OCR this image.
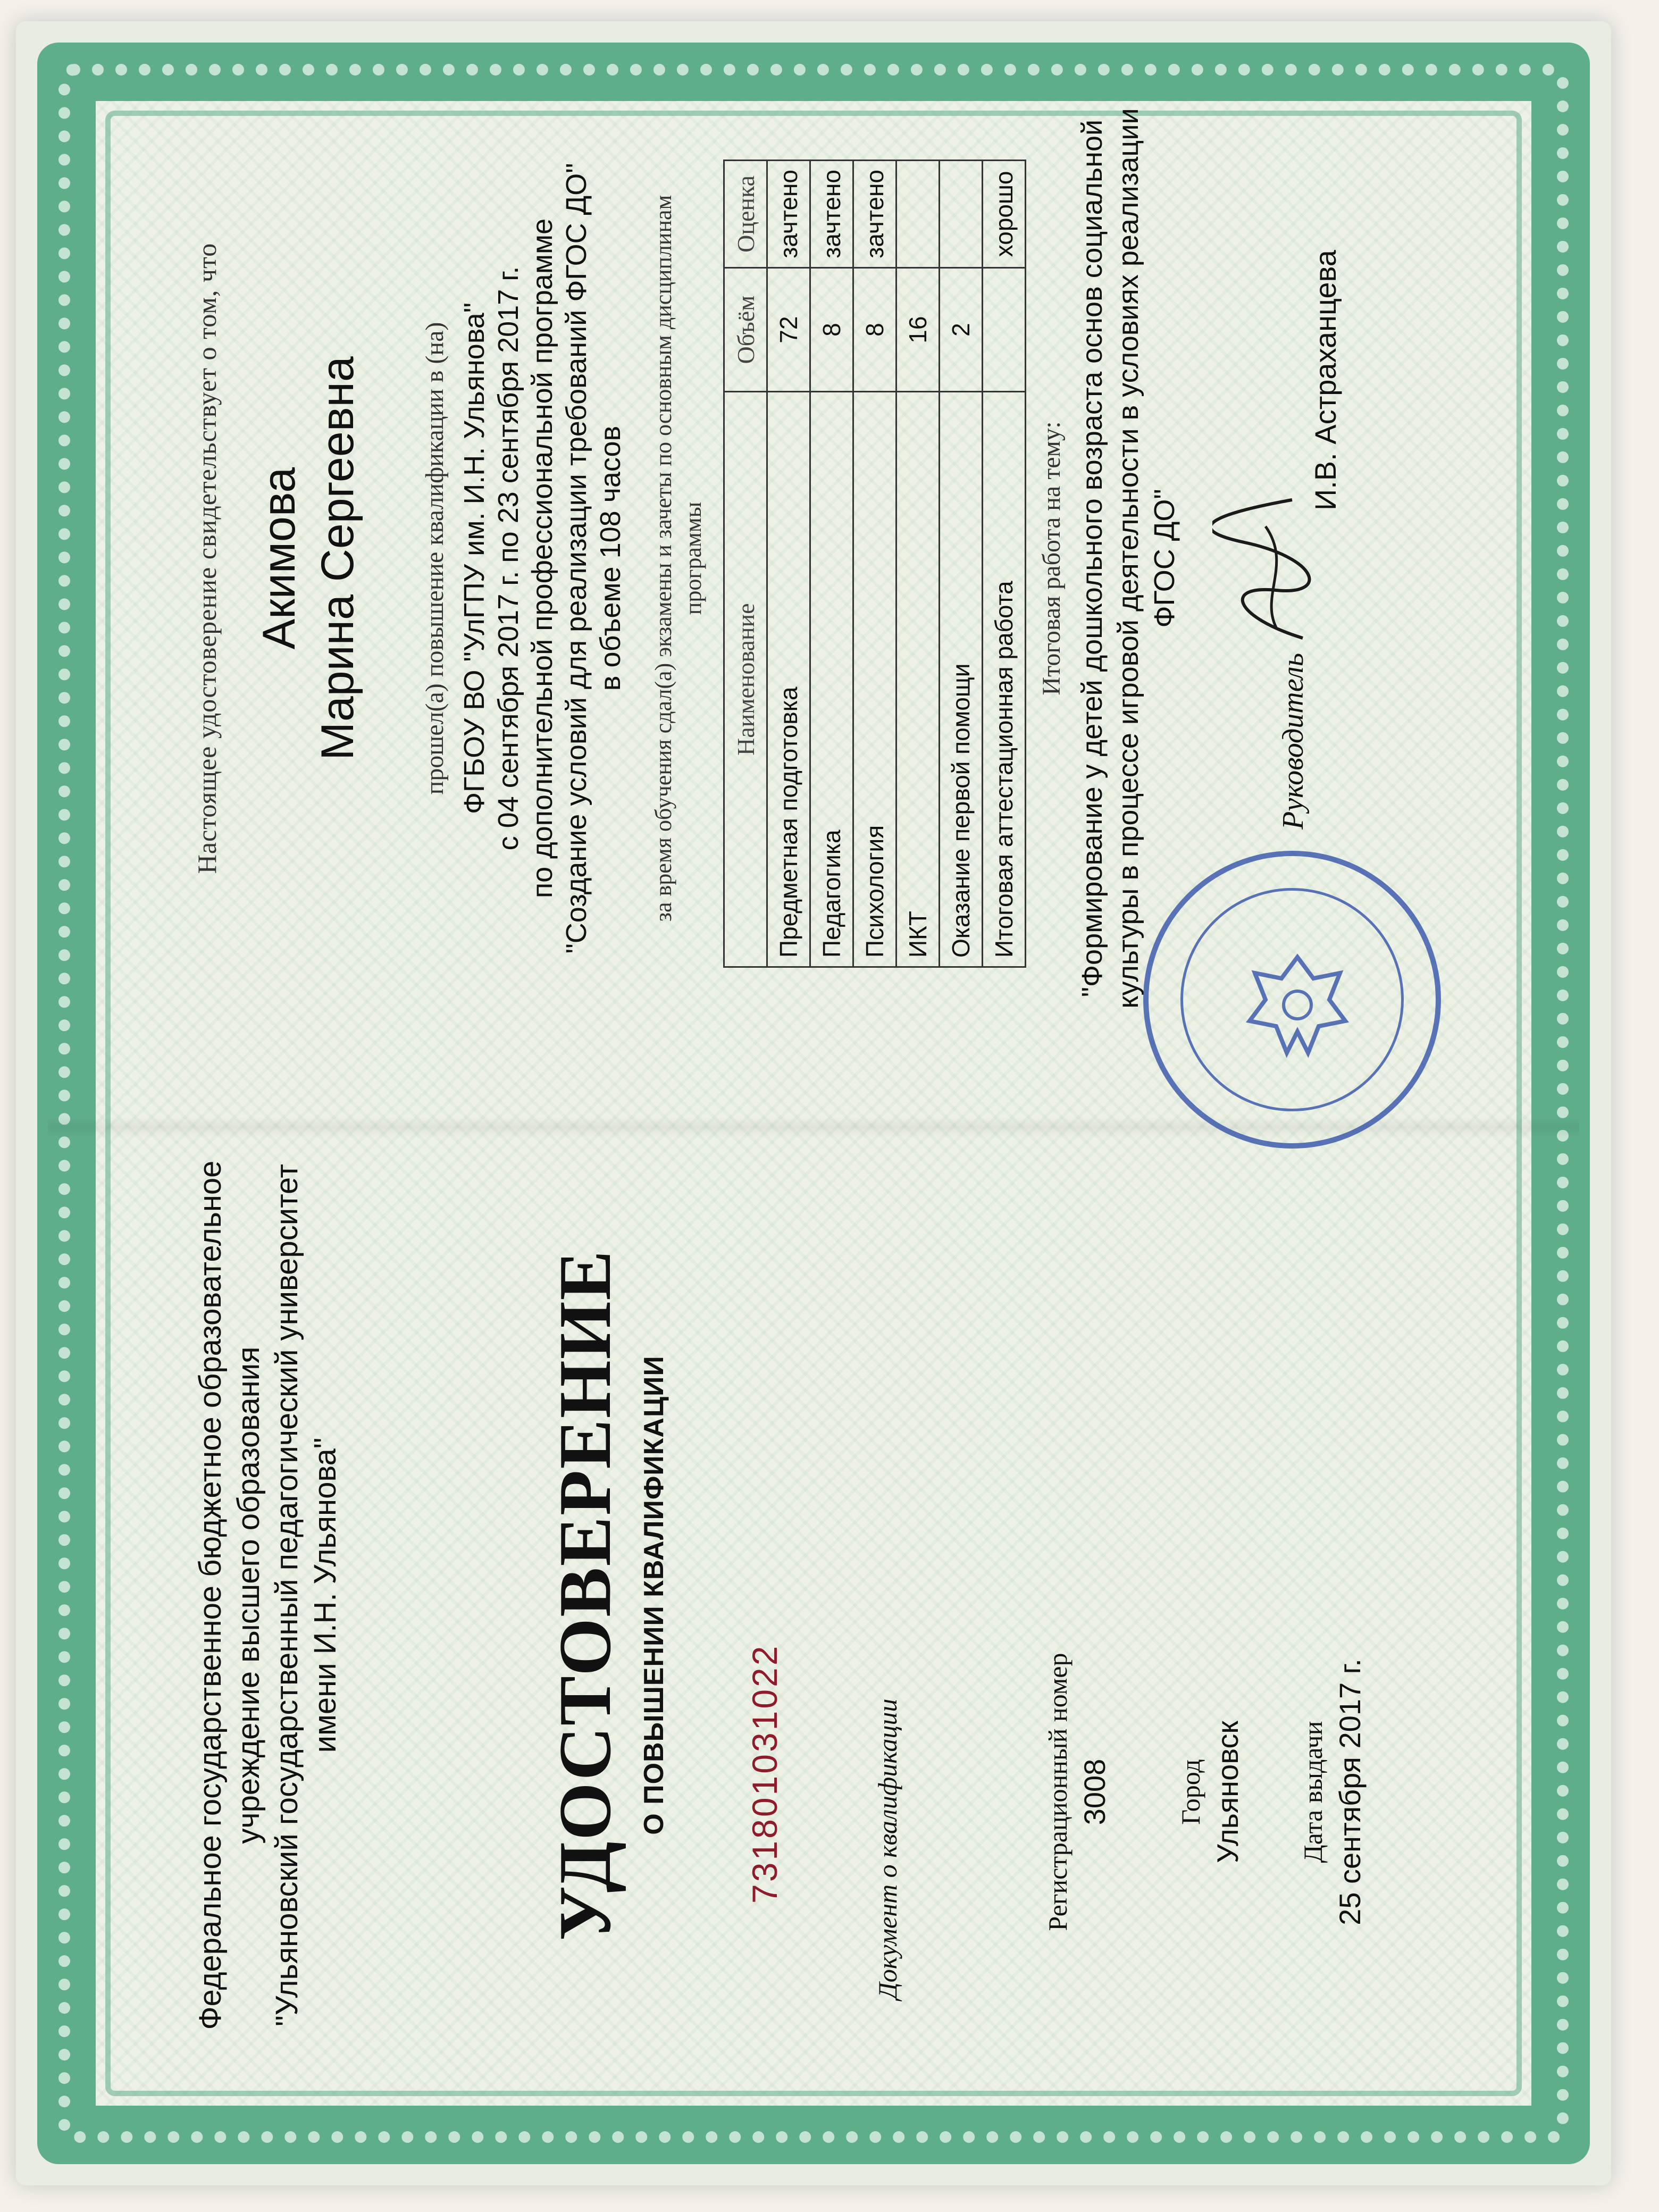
Федеральное государственное бюджетное образовательное учреждение высшего образования "Ульяновский государственный педагогический университет имени И.Н. Ульянова"	УДОСТОВЕРЕНИЕ О ПОВЫШЕНИИ КВАЛИФИКАЦИИ 731801031022	Документ о квалификации	Регистрационный номер 3008 Город Ульяновск Дата выдачи 25 сентября 2017 г.
Настоящее удостоверение свидетельствует о том, что Акимова Марина Сергеевна прошел(а) повышение квалификации в (на) ФГБОУ ВО "УлГПУ им. И.Н. Ульянова" с 04 сентября 2017 г. по 23 сентября 2017 г. по дополнительной профессиональной программе "Создание условий для реализации требований ФГОС ДО" в объеме 108 часов за время обучения сдал(а) экзамены и зачеты по основным дисциплинам программы
Наименование	Объём	Оценка
Предметная подготовка	72	зачтено
Педагогика	8	зачтено
Психология	8	зачтено
ИКТ	16	
Оказание первой помощи	2	
Итоговая аттестационная работа		хорошо
Итоговая работа на тему: "Формирование у детей дошкольного возраста основ социальной культуры в процессе игровой деятельности в условиях реализации ФГОС ДО"
Руководитель
И.В. Астраханцева
